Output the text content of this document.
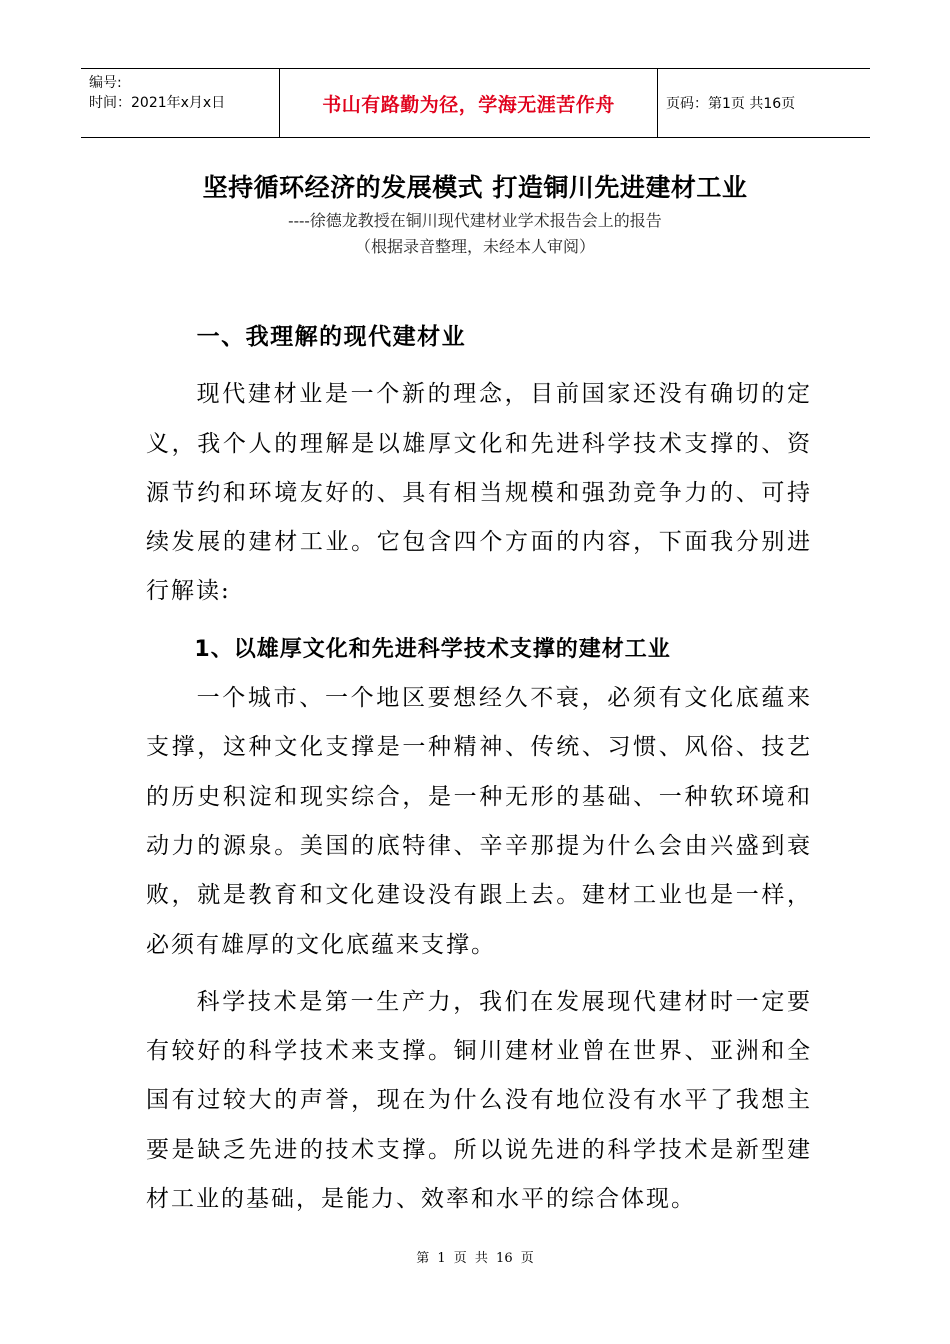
编号:
时间：2021年x月x日	书山有路勤为径，学海无涯苦作舟	页码：第1页 共16页
坚持循环经济的发展模式 打造铜川先进建材工业
----徐德龙教授在铜川现代建材业学术报告会上的报告
（根据录音整理，未经本人审阅）
一、我理解的现代建材业

现代建材业是一个新的理念，目前国家还没有确切的定义，我个人的理解是以雄厚文化和先进科学技术支撑的、资源节约和环境友好的、具有相当规模和强劲竞争力的、可持续发展的建材工业。它包含四个方面的内容，下面我分别进行解读:

1、以雄厚文化和先进科学技术支撑的建材工业

一个城市、一个地区要想经久不衰，必须有文化底蕴来支撑，这种文化支撑是一种精神、传统、习惯、风俗、技艺的历史积淀和现实综合，是一种无形的基础、一种软环境和动力的源泉。美国的底特律、辛辛那提为什么会由兴盛到衰败，就是教育和文化建设没有跟上去。建材工业也是一样，必须有雄厚的文化底蕴来支撑。

科学技术是第一生产力，我们在发展现代建材时一定要有较好的科学技术来支撑。铜川建材业曾在世界、亚洲和全国有过较大的声誉，现在为什么没有地位没有水平了我想主要是缺乏先进的技术支撑。所以说先进的科学技术是新型建材工业的基础，是能力、效率和水平的综合体现。

第 1 页 共 16 页
